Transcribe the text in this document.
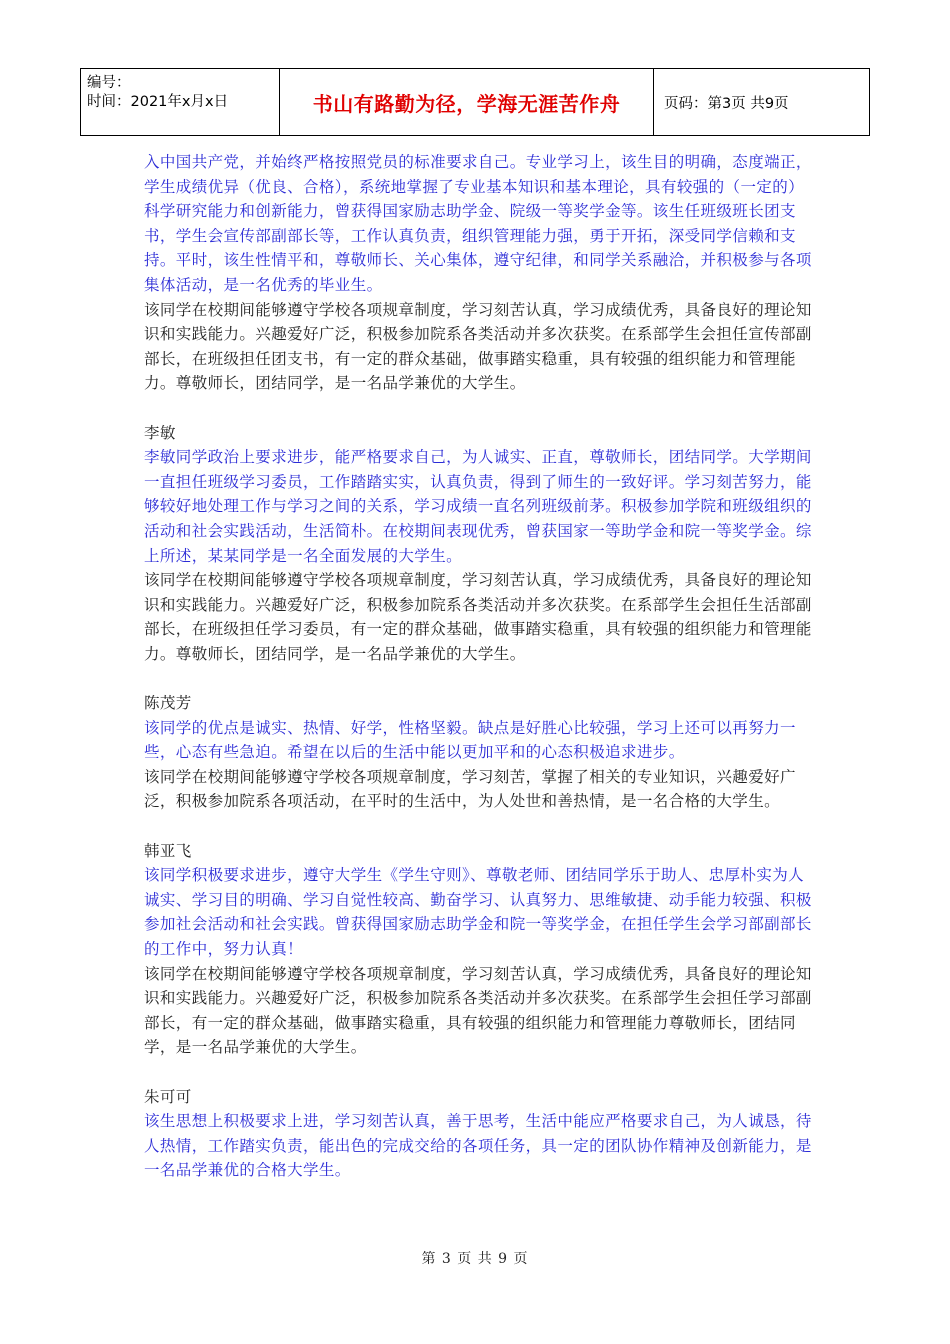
编号：
时间：2021年x月x日	书山有路勤为径，学海无涯苦作舟	页码：第3页 共9页

入中国共产党，并始终严格按照党员的标准要求自己。专业学习上，该生目的明确，态度端正，学生成绩优异（优良、合格），系统地掌握了专业基本知识和基本理论，具有较强的（一定的）科学研究能力和创新能力，曾获得国家励志助学金、院级一等奖学金等。该生任班级班长团支书，学生会宣传部副部长等，工作认真负责，组织管理能力强，勇于开拓，深受同学信赖和支持。平时，该生性情平和，尊敬师长、关心集体，遵守纪律，和同学关系融洽，并积极参与各项集体活动，是一名优秀的毕业生。

该同学在校期间能够遵守学校各项规章制度，学习刻苦认真，学习成绩优秀，具备良好的理论知识和实践能力。兴趣爱好广泛，积极参加院系各类活动并多次获奖。在系部学生会担任宣传部副部长，在班级担任团支书，有一定的群众基础，做事踏实稳重，具有较强的组织能力和管理能力。尊敬师长，团结同学，是一名品学兼优的大学生。

李敏

李敏同学政治上要求进步，能严格要求自己，为人诚实、正直，尊敬师长，团结同学。大学期间一直担任班级学习委员，工作踏踏实实，认真负责，得到了师生的一致好评。学习刻苦努力，能够较好地处理工作与学习之间的关系，学习成绩一直名列班级前茅。积极参加学院和班级组织的活动和社会实践活动，生活简朴。在校期间表现优秀，曾获国家一等助学金和院一等奖学金。综上所述，某某同学是一名全面发展的大学生。

该同学在校期间能够遵守学校各项规章制度，学习刻苦认真，学习成绩优秀，具备良好的理论知识和实践能力。兴趣爱好广泛，积极参加院系各类活动并多次获奖。在系部学生会担任生活部副部长，在班级担任学习委员，有一定的群众基础，做事踏实稳重，具有较强的组织能力和管理能力。尊敬师长，团结同学，是一名品学兼优的大学生。

陈茂芳

该同学的优点是诚实、热情、好学，性格坚毅。缺点是好胜心比较强，学习上还可以再努力一些，心态有些急迫。希望在以后的生活中能以更加平和的心态积极追求进步。

该同学在校期间能够遵守学校各项规章制度，学习刻苦，掌握了相关的专业知识，兴趣爱好广泛，积极参加院系各项活动，在平时的生活中，为人处世和善热情，是一名合格的大学生。

韩亚飞

该同学积极要求进步，遵守大学生《学生守则》、尊敬老师、团结同学乐于助人、忠厚朴实为人诚实、学习目的明确、学习自觉性较高、勤奋学习、认真努力、思维敏捷、动手能力较强、积极参加社会活动和社会实践。曾获得国家励志助学金和院一等奖学金，在担任学生会学习部副部长的工作中，努力认真！

该同学在校期间能够遵守学校各项规章制度，学习刻苦认真，学习成绩优秀，具备良好的理论知识和实践能力。兴趣爱好广泛，积极参加院系各类活动并多次获奖。在系部学生会担任学习部副部长，有一定的群众基础，做事踏实稳重，具有较强的组织能力和管理能力尊敬师长，团结同学，是一名品学兼优的大学生。

朱可可

该生思想上积极要求上进，学习刻苦认真，善于思考，生活中能应严格要求自己，为人诚恳，待人热情，工作踏实负责，能出色的完成交给的各项任务，具一定的团队协作精神及创新能力，是一名品学兼优的合格大学生。

第 3 页 共 9 页
